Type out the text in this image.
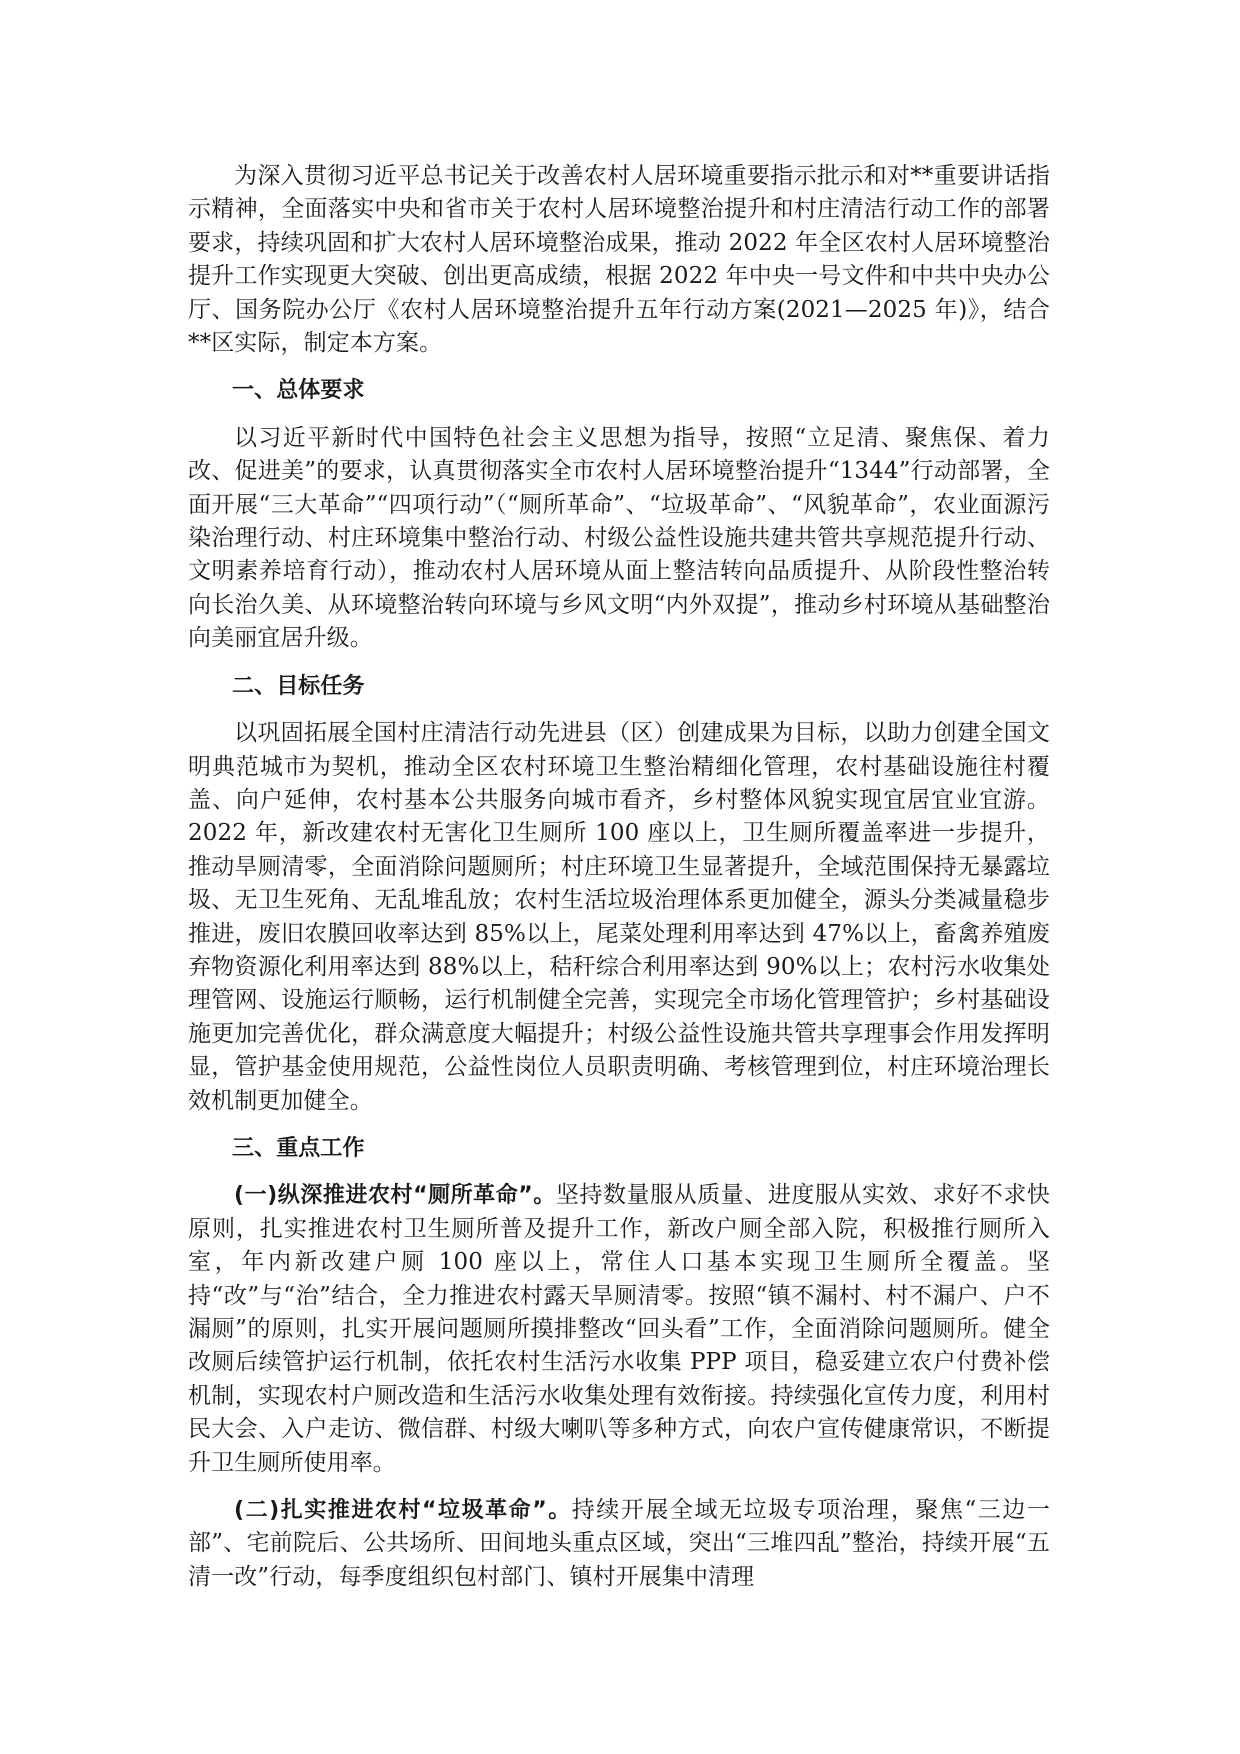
为深入贯彻习近平总书记关于改善农村人居环境重要指示批示和对**重要讲话指示精神，全面落实中央和省市关于农村人居环境整治提升和村庄清洁行动工作的部署要求，持续巩固和扩大农村人居环境整治成果，推动 2022 年全区农村人居环境整治提升工作实现更大突破、创出更高成绩，根据 2022 年中央一号文件和中共中央办公厅、国务院办公厅《农村人居环境整治提升五年行动方案(2021—2025 年)》，结合**区实际，制定本方案。

一、总体要求

以习近平新时代中国特色社会主义思想为指导，按照“立足清、聚焦保、着力改、促进美”的要求，认真贯彻落实全市农村人居环境整治提升“1344”行动部署，全面开展“三大革命”“四项行动”（“厕所革命”、“垃圾革命”、“风貌革命”，农业面源污染治理行动、村庄环境集中整治行动、村级公益性设施共建共管共享规范提升行动、文明素养培育行动），推动农村人居环境从面上整洁转向品质提升、从阶段性整治转向长治久美、从环境整治转向环境与乡风文明“内外双提”，推动乡村环境从基础整治向美丽宜居升级。

二、目标任务

以巩固拓展全国村庄清洁行动先进县（区）创建成果为目标，以助力创建全国文明典范城市为契机，推动全区农村环境卫生整治精细化管理，农村基础设施往村覆盖、向户延伸，农村基本公共服务向城市看齐，乡村整体风貌实现宜居宜业宜游。2022 年，新改建农村无害化卫生厕所 100 座以上，卫生厕所覆盖率进一步提升，推动旱厕清零，全面消除问题厕所；村庄环境卫生显著提升，全域范围保持无暴露垃圾、无卫生死角、无乱堆乱放；农村生活垃圾治理体系更加健全，源头分类减量稳步推进，废旧农膜回收率达到 85%以上，尾菜处理利用率达到 47%以上，畜禽养殖废弃物资源化利用率达到 88%以上，秸秆综合利用率达到 90%以上；农村污水收集处理管网、设施运行顺畅，运行机制健全完善，实现完全市场化管理管护；乡村基础设施更加完善优化，群众满意度大幅提升；村级公益性设施共管共享理事会作用发挥明显，管护基金使用规范，公益性岗位人员职责明确、考核管理到位，村庄环境治理长效机制更加健全。

三、重点工作

(一)纵深推进农村“厕所革命”。坚持数量服从质量、进度服从实效、求好不求快原则，扎实推进农村卫生厕所普及提升工作，新改户厕全部入院，积极推行厕所入室，年内新改建户厕 100 座以上，常住人口基本实现卫生厕所全覆盖。坚持“改”与“治”结合，全力推进农村露天旱厕清零。按照“镇不漏村、村不漏户、户不漏厕”的原则，扎实开展问题厕所摸排整改“回头看”工作，全面消除问题厕所。健全改厕后续管护运行机制，依托农村生活污水收集 PPP 项目，稳妥建立农户付费补偿机制，实现农村户厕改造和生活污水收集处理有效衔接。持续强化宣传力度，利用村民大会、入户走访、微信群、村级大喇叭等多种方式，向农户宣传健康常识，不断提升卫生厕所使用率。

(二)扎实推进农村“垃圾革命”。持续开展全域无垃圾专项治理，聚焦“三边一部”、宅前院后、公共场所、田间地头重点区域，突出“三堆四乱”整治，持续开展“五清一改”行动，每季度组织包村部门、镇村开展集中清理
